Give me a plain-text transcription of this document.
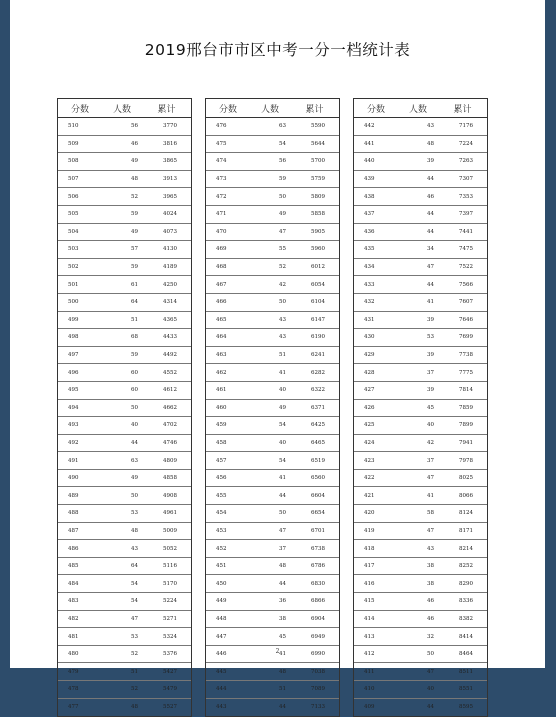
2019邢台市市区中考一分一档统计表
分数	人数	累计
510	56	3770
509	46	3816
508	49	3865
507	48	3913
506	52	3965
505	59	4024
504	49	4073
503	57	4130
502	59	4189
501	61	4250
500	64	4314
499	51	4365
498	68	4433
497	59	4492
496	60	4552
495	60	4612
494	50	4662
493	40	4702
492	44	4746
491	63	4809
490	49	4858
489	50	4908
488	53	4961
487	48	5009
486	43	5052
485	64	5116
484	54	5170
483	54	5224
482	47	5271
481	53	5324
480	52	5376
479	51	5427
478	52	5479
477	48	5527
分数	人数	累计
476	63	5590
475	54	5644
474	56	5700
473	59	5759
472	50	5809
471	49	5858
470	47	5905
469	55	5960
468	52	6012
467	42	6054
466	50	6104
465	43	6147
464	43	6190
463	51	6241
462	41	6282
461	40	6322
460	49	6371
459	54	6425
458	40	6465
457	54	6519
456	41	6560
455	44	6604
454	50	6654
453	47	6701
452	37	6738
451	48	6786
450	44	6830
449	36	6866
448	38	6904
447	45	6949
446	41	6990
445	48	7038
444	51	7089
443	44	7133
分数	人数	累计
442	43	7176
441	48	7224
440	39	7263
439	44	7307
438	46	7353
437	44	7397
436	44	7441
435	34	7475
434	47	7522
433	44	7566
432	41	7607
431	39	7646
430	53	7699
429	39	7738
428	37	7775
427	39	7814
426	45	7859
425	40	7899
424	42	7941
423	37	7978
422	47	8025
421	41	8066
420	58	8124
419	47	8171
418	43	8214
417	38	8252
416	38	8290
415	46	8336
414	46	8382
413	32	8414
412	50	8464
411	47	8511
410	40	8551
409	44	8595
2
